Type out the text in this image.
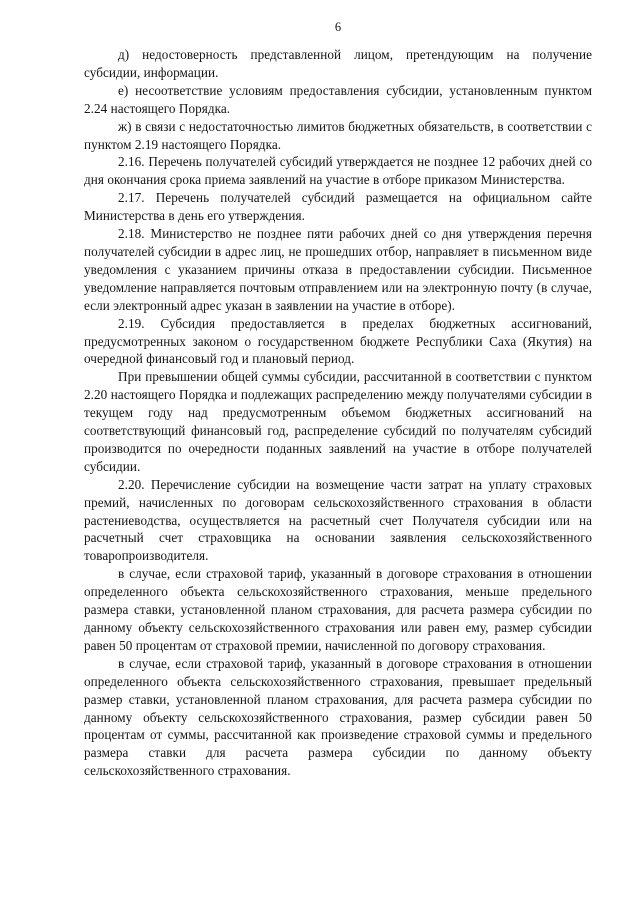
6

д) недостоверность представленной лицом, претендующим на получение субсидии, информации.

е) несоответствие условиям предоставления субсидии, установленным пунктом 2.24 настоящего Порядка.

ж) в связи с недостаточностью лимитов бюджетных обязательств, в соответствии с пунктом 2.19 настоящего Порядка.

2.16. Перечень получателей субсидий утверждается не позднее 12 рабочих дней со дня окончания срока приема заявлений на участие в отборе приказом Министерства.

2.17. Перечень получателей субсидий размещается на официальном сайте Министерства в день его утверждения.

2.18. Министерство не позднее пяти рабочих дней со дня утверждения перечня получателей субсидии в адрес лиц, не прошедших отбор, направляет в письменном виде уведомления с указанием причины отказа в предоставлении субсидии. Письменное уведомление направляется почтовым отправлением или на электронную почту (в случае, если электронный адрес указан в заявлении на участие в отборе).

2.19. Субсидия предоставляется в пределах бюджетных ассигнований, предусмотренных законом о государственном бюджете Республики Саха (Якутия) на очередной финансовый год и плановый период.

При превышении общей суммы субсидии, рассчитанной в соответствии с пунктом 2.20 настоящего Порядка и подлежащих распределению между получателями субсидии в текущем году над предусмотренным объемом бюджетных ассигнований на соответствующий финансовый год, распределение субсидий по получателям субсидий производится по очередности поданных заявлений на участие в отборе получателей субсидии.

2.20. Перечисление субсидии на возмещение части затрат на уплату страховых премий, начисленных по договорам сельскохозяйственного страхования в области растениеводства, осуществляется на расчетный счет Получателя субсидии или на расчетный счет страховщика на основании заявления сельскохозяйственного товаропроизводителя.

в случае, если страховой тариф, указанный в договоре страхования в отношении определенного объекта сельскохозяйственного страхования, меньше предельного размера ставки, установленной планом страхования, для расчета размера субсидии по данному объекту сельскохозяйственного страхования или равен ему, размер субсидии равен 50 процентам от страховой премии, начисленной по договору страхования.

в случае, если страховой тариф, указанный в договоре страхования в отношении определенного объекта сельскохозяйственного страхования, превышает предельный размер ставки, установленной планом страхования, для расчета размера субсидии по данному объекту сельскохозяйственного страхования, размер субсидии равен 50 процентам от суммы, рассчитанной как произведение страховой суммы и предельного размера ставки для расчета размера субсидии по данному объекту сельскохозяйственного страхования.
